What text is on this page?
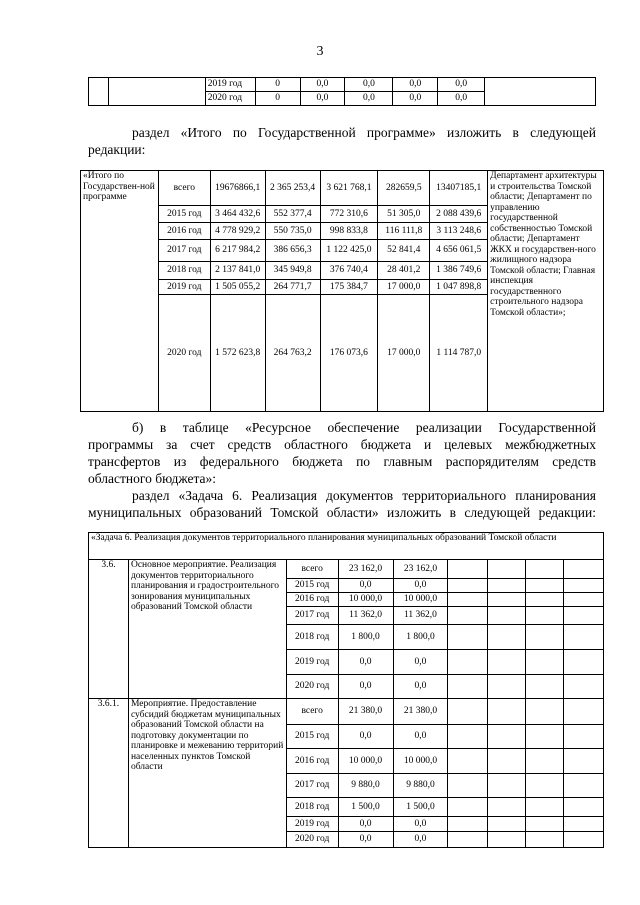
3
		2019 год	0	0,0	0,0	0,0	0,0	
		2020 год	0	0,0	0,0	0,0	0,0	
раздел «Итого по Государственной программе» изложить в следующей
редакции:
«Итого по Государствен-ной программе	всего	19676866,1	2 365 253,4	3 621 768,1	282659,5	13407185,1	Департамент архитектуры и строительства Томской области; Департамент по управлению государственной собственностью Томской области; Департамент ЖКХ и государствен-ного жилищного надзора Томской области; Главная инспекция государственного строительного надзора Томской области»;
	2015 год	3 464 432,6	552 377,4	772 310,6	51 305,0	2 088 439,6	
	2016 год	4 778 929,2	550 735,0	998 833,8	116 111,8	3 113 248,6	
	2017 год	6 217 984,2	386 656,3	1 122 425,0	52 841,4	4 656 061,5	
	2018 год	2 137 841,0	345 949,8	376 740,4	28 401,2	1 386 749,6	
	2019 год	1 505 055,2	264 771,7	175 384,7	17 000,0	1 047 898,8	
	2020 год	1 572 623,8	264 763,2	176 073,6	17 000,0	1 114 787,0	
б) в таблице «Ресурсное обеспечение реализации Государственной
программы за счет средств областного бюджета и целевых межбюджетных
трансфертов из федерального бюджета по главным распорядителям средств
областного бюджета»:
раздел «Задача 6. Реализация документов территориального планирования
муниципальных образований Томской области» изложить в следующей редакции:
«Задача 6. Реализация документов территориального планирования муниципальных образований Томской области								
3.6.	Основное мероприятие. Реализация документов территориального планирования и градостроительного зонирования муниципальных образований Томской области	всего	23 162,0	23 162,0				
		2015 год	0,0	0,0				
		2016 год	10 000,0	10 000,0				
		2017 год	11 362,0	11 362,0				
		2018 год	1 800,0	1 800,0				
		2019 год	0,0	0,0				
		2020 год	0,0	0,0				
3.6.1.	Мероприятие. Предоставление субсидий бюджетам муниципальных образований Томской области на подготовку документации по планировке и межеванию территорий населенных пунктов Томской области	всего	21 380,0	21 380,0				
		2015 год	0,0	0,0				
		2016 год	10 000,0	10 000,0				
		2017 год	9 880,0	9 880,0				
		2018 год	1 500,0	1 500,0				
		2019 год	0,0	0,0				
		2020 год	0,0	0,0				
